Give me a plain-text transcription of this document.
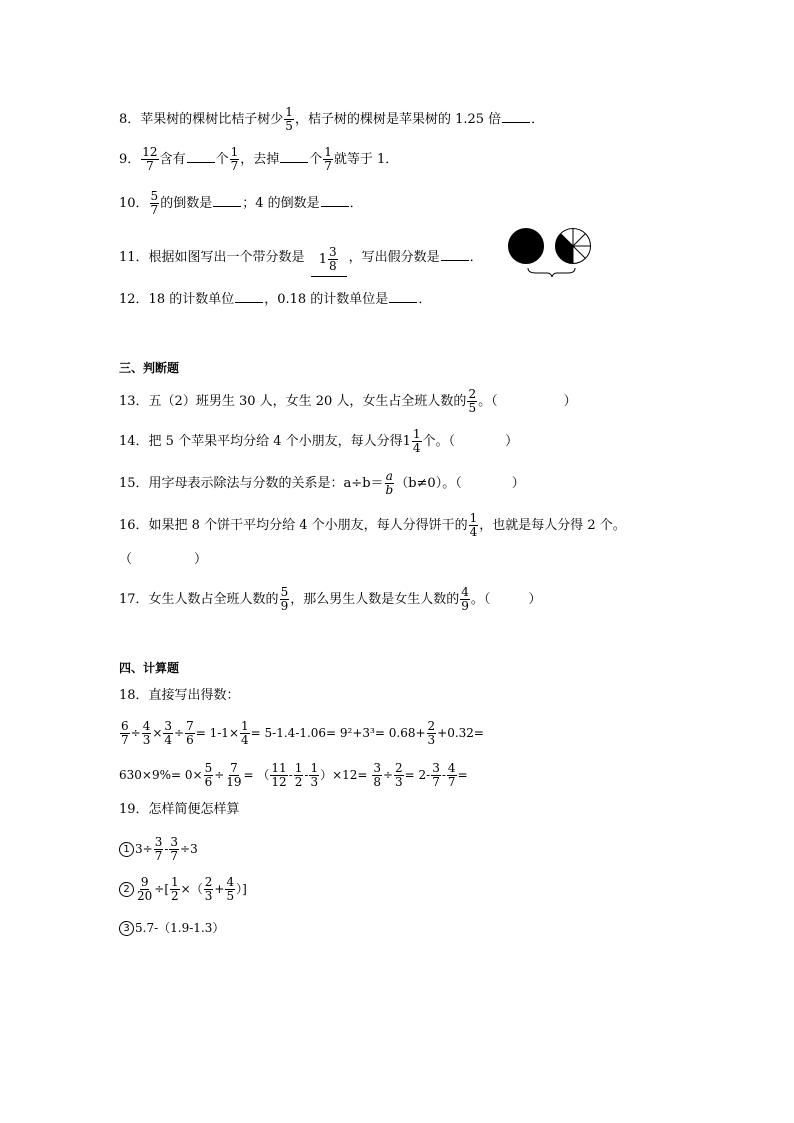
8．苹果树的棵树比桔子树少 $\frac{1}{5}$ ，桔子树的棵树是苹果树的 1.25 倍 ．
9． $\frac{12}{7}$ 含有 个 $\frac{1}{7}$ ，去掉 个 $\frac{1}{7}$ 就等于 1．
10． $\frac{5}{7}$ 的倒数是 ；4 的倒数是 ．
11．根据如图写出一个带分数是 $1 \frac{3}{8}$ ，写出假分数是 ．
12．18 的计数单位 ，0.18 的计数单位是 ．
三、判断题
13．五（2）班男生 30 人，女生 20 人，女生占全班人数的 $\frac{2}{5}$ 。（	）
14．把 5 个苹果平均分给 4 个小朋友，每人分得$1 \frac{1}{4}$ 个。（	）
15．用字母表示除法与分数的关系是：$a\div b= \frac{a}{b} (b\ne 0)$。（	）
16．如果把 8 个饼干平均分给 4 个小朋友，每人分得饼干的 $\frac{1}{4}$ ，也就是每人分得 2 个。
（	）
17．女生人数占全班人数的 $\frac{5}{9}$ ，那么男生人数是女生人数的 $\frac{4}{9}$ 。（	）
四、计算题
18．直接写出得数：
$\frac{6}{7} \div \frac{4}{3} \times \frac{3}{4} \div \frac{7}{6} = 1-1\times \frac{1}{4} = 5-1.4-1.06= 9^2+3^3= 0.68+ \frac{2}{3} +0.32=$
$630\times 9\%= 0\times \frac{5}{6} \div \frac{7}{19}$ = （ $\frac{11}{12} - \frac{1}{2} - \frac{1}{3} )\times 12= \frac{3}{8} \div \frac{2}{3} = 2- \frac{3}{7} - \frac{4}{7}$ =
19．怎样简便怎样算
1 $3\div \frac{3}{7} - \frac{3}{7} \div 3$
$2 \frac{9}{20}$ ÷[ $\frac{1}{2}$ ×（ $\frac{2}{3} + \frac{4}{5}$ ）]
3 5.7-（1.9-1.3）
